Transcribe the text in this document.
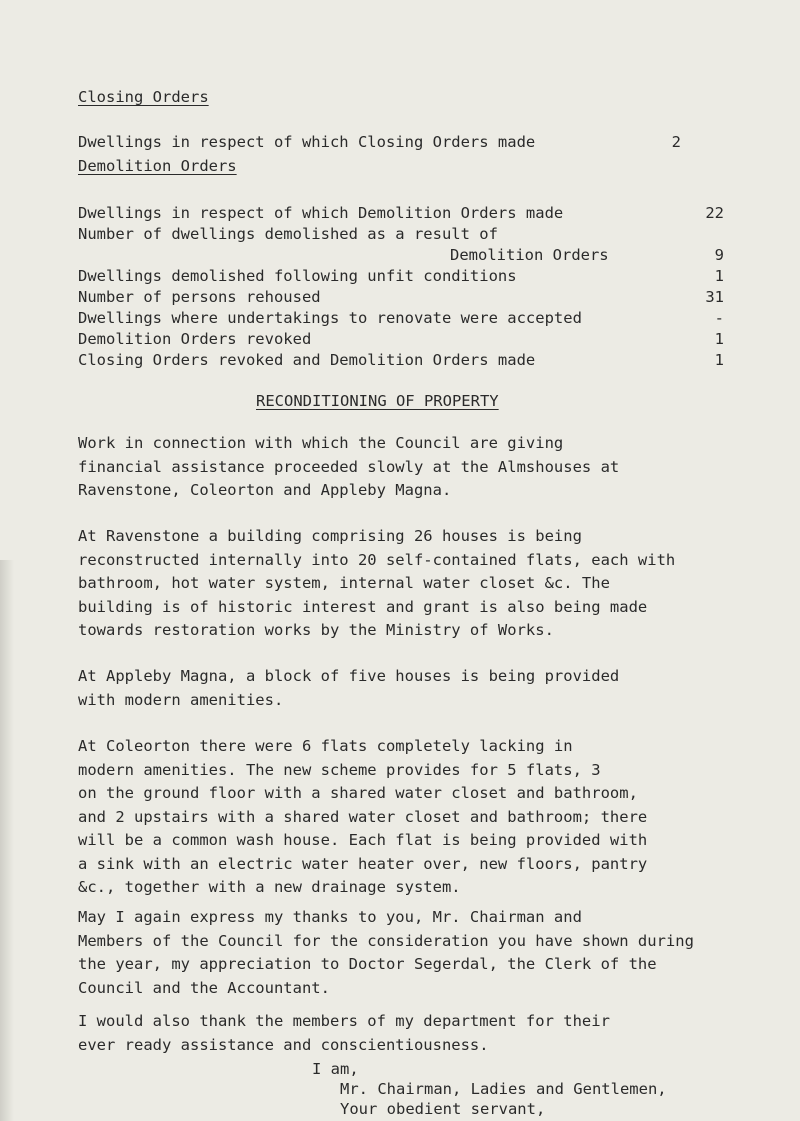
Closing Orders
Dwellings in respect of which Closing Orders made	2
Demolition Orders
Dwellings in respect of which Demolition Orders made	22
Number of dwellings demolished as a result of
Demolition Orders	9
Dwellings demolished following unfit conditions	1
Number of persons rehoused	31
Dwellings where undertakings to renovate were accepted	-
Demolition Orders revoked	1
Closing Orders revoked and Demolition Orders made	1
RECONDITIONING OF PROPERTY
Work in connection with which the Council are giving
financial assistance proceeded slowly at the Almshouses at
Ravenstone, Coleorton and Appleby Magna.
At Ravenstone a building comprising 26 houses is being
reconstructed internally into 20 self-contained flats, each with
bathroom, hot water system, internal water closet &c. The
building is of historic interest and grant is also being made
towards restoration works by the Ministry of Works.
At Appleby Magna, a block of five houses is being provided
with modern amenities.
At Coleorton there were 6 flats completely lacking in
modern amenities. The new scheme provides for 5 flats, 3
on the ground floor with a shared water closet and bathroom,
and 2 upstairs with a shared water closet and bathroom; there
will be a common wash house. Each flat is being provided with
a sink with an electric water heater over, new floors, pantry
&c., together with a new drainage system.
May I again express my thanks to you, Mr. Chairman and
Members of the Council for the consideration you have shown during
the year, my appreciation to Doctor Segerdal, the Clerk of the
Council and the Accountant.
I would also thank the members of my department for their
ever ready assistance and conscientiousness.
I am,
Mr. Chairman, Ladies and Gentlemen,
Your obedient servant,
